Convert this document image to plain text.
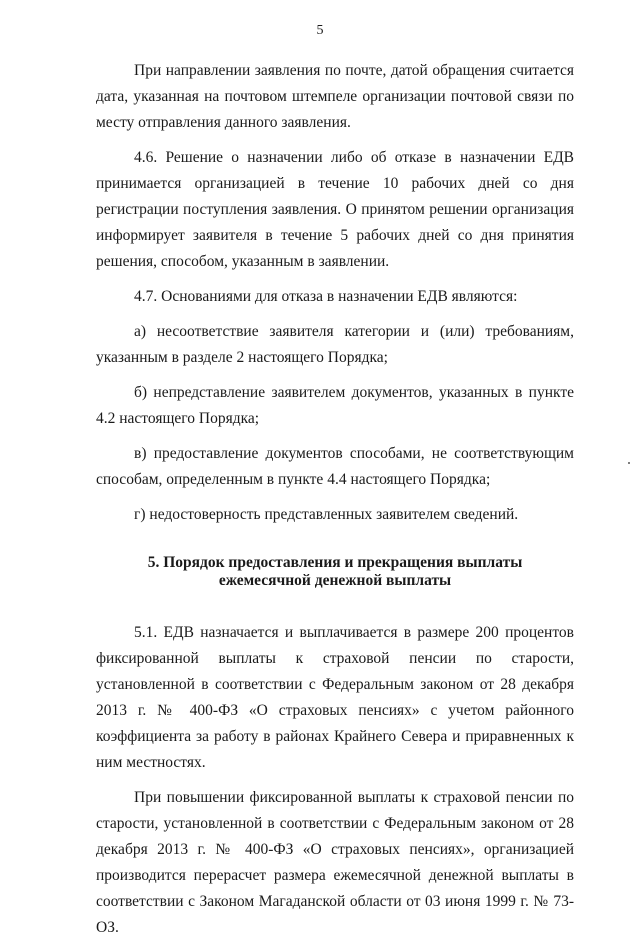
5

При направлении заявления по почте, датой обращения считается дата, указанная на почтовом штемпеле организации почтовой связи по месту отправления данного заявления.

4.6. Решение о назначении либо об отказе в назначении ЕДВ принимается организацией в течение 10 рабочих дней со дня регистрации поступления заявления. О принятом решении организация информирует заявителя в течение 5 рабочих дней со дня принятия решения, способом, указанным в заявлении.

4.7. Основаниями для отказа в назначении ЕДВ являются:

а) несоответствие заявителя категории и (или) требованиям, указанным в разделе 2 настоящего Порядка;

б) непредставление заявителем документов, указанных в пункте 4.2 настоящего Порядка;

в) предоставление документов способами, не соответствующим способам, определенным в пункте 4.4 настоящего Порядка;

г) недостоверность представленных заявителем сведений.

5. Порядок предоставления и прекращения выплаты
ежемесячной денежной выплаты

5.1. ЕДВ назначается и выплачивается в размере 200 процентов фиксированной выплаты к страховой пенсии по старости, установленной в соответствии с Федеральным законом от 28 декабря 2013 г. № 400-ФЗ «О страховых пенсиях» с учетом районного коэффициента за работу в районах Крайнего Севера и приравненных к ним местностях.

При повышении фиксированной выплаты к страховой пенсии по старости, установленной в соответствии с Федеральным законом от 28 декабря 2013 г. № 400-ФЗ «О страховых пенсиях», организацией производится перерасчет размера ежемесячной денежной выплаты в соответствии с Законом Магаданской области от 03 июня 1999 г. № 73-ОЗ.
